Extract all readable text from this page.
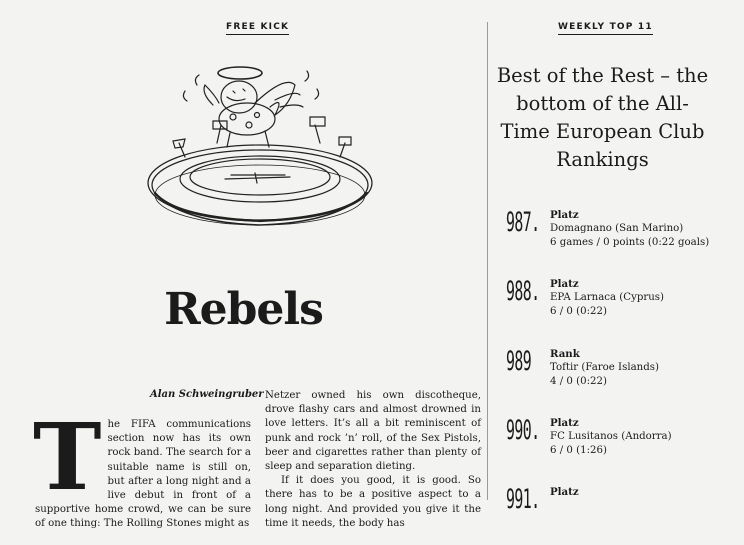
FREE KICK	WEEKLY TOP 11
Rebels
Alan Schweingruber
T he FIFA communications section now has its own rock band. The search for a suitable name is still on, but after a long night and a live debut in front of a supportive home crowd, we can be sure of one thing: The Rolling Stones might as

Netzer owned his own discotheque, drove flashy cars and almost drowned in love letters. It’s all a bit reminiscent of punk and rock ’n’ roll, of the Sex Pistols, beer and cigarettes rather than plenty of sleep and separation dieting.

If it does you good, it is good. So there has to be a positive aspect to a long night. And provided you give it the time it needs, the body has

Best of the Rest – the bottom of the All-Time European Club Rankings
987. Platz
Domagnano (San Marino)
6 games / 0 points (0:22 goals)
988. Platz
EPA Larnaca (Cyprus)
6 / 0 (0:22)
989 Rank
Toftir (Faroe Islands)
4 / 0 (0:22)
990. Platz
FC Lusitanos (Andorra)
6 / 0 (1:26)
991. Platz
